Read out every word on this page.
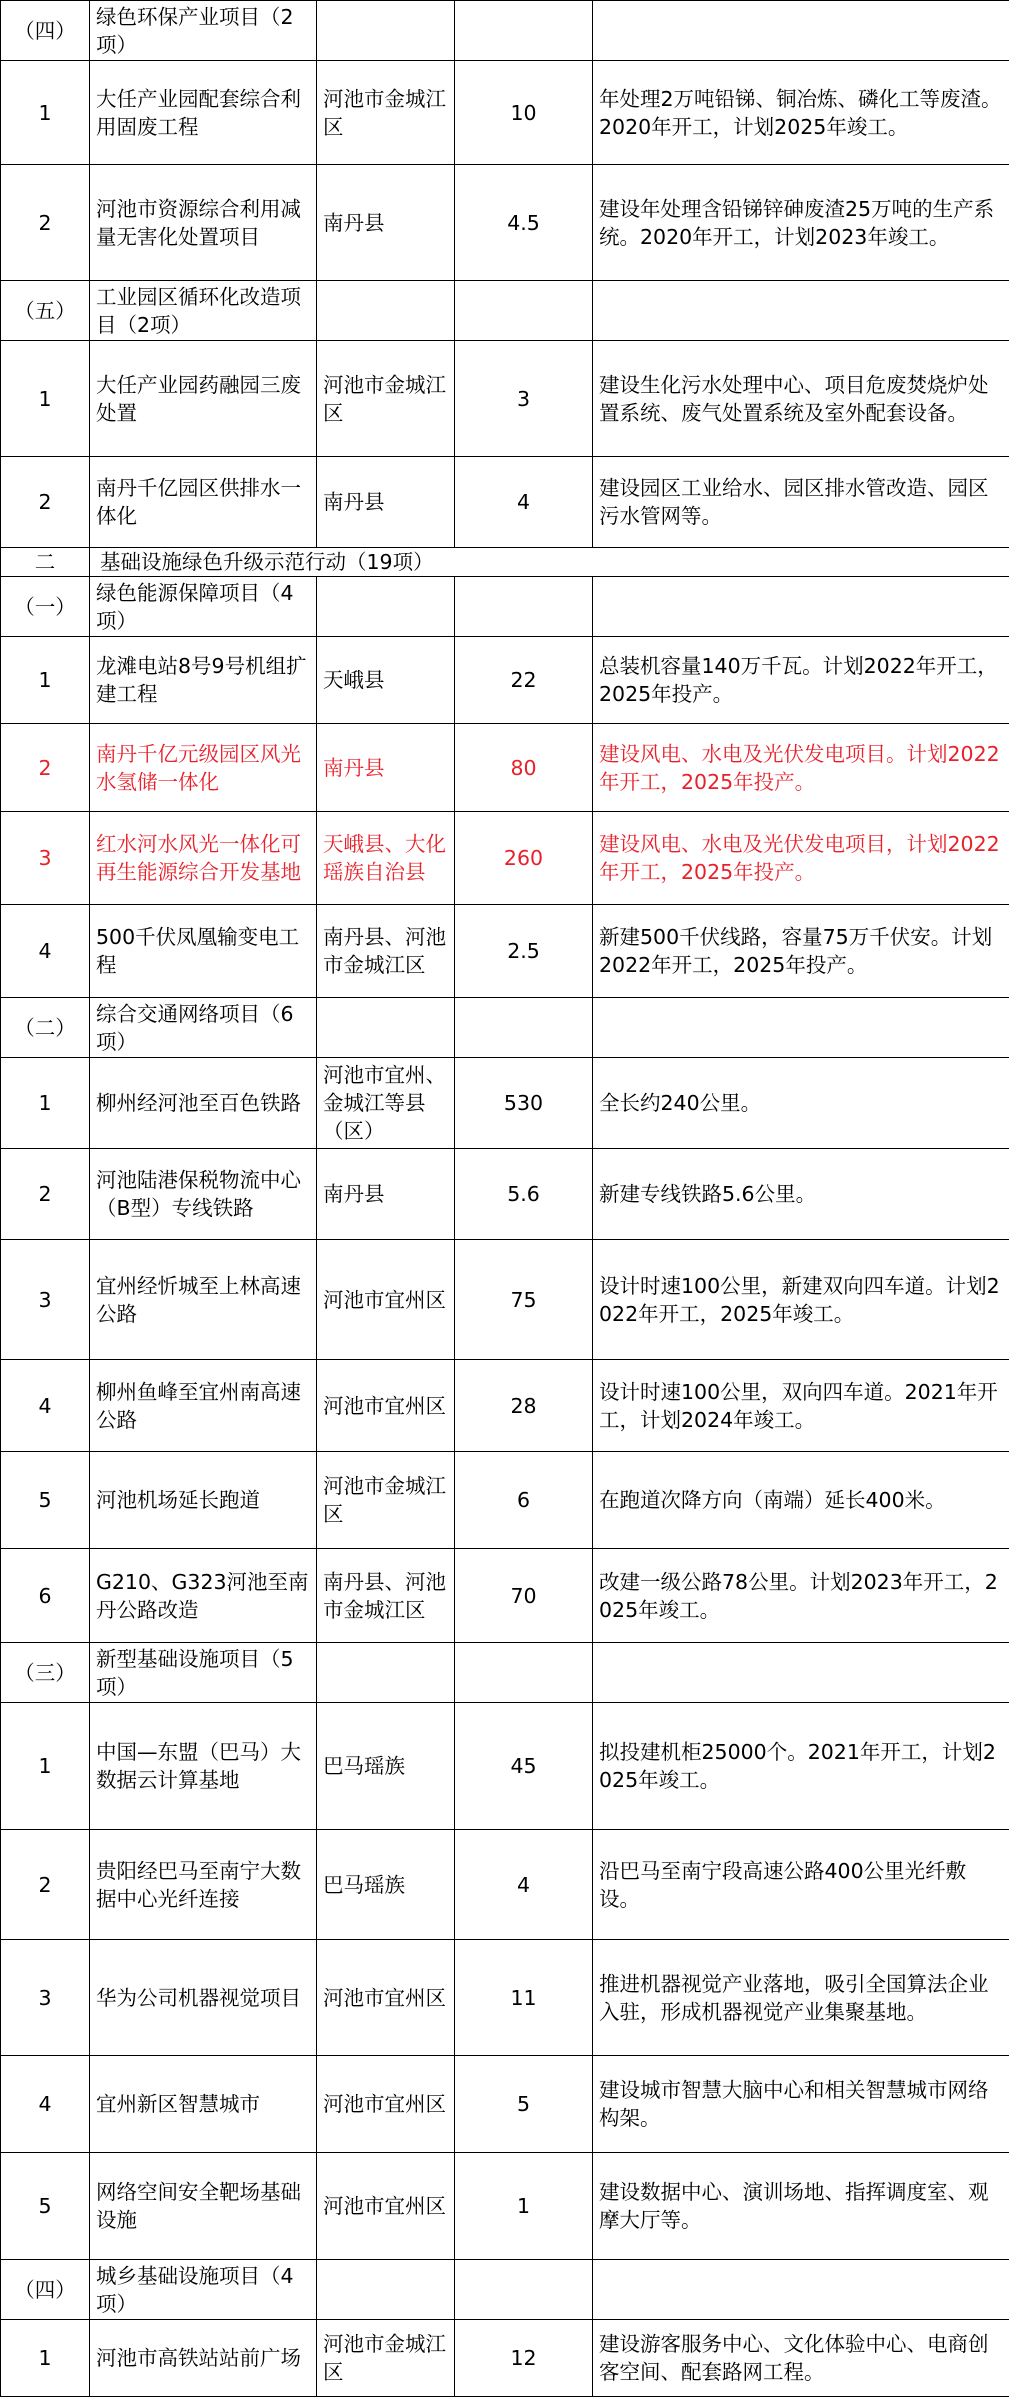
（四）	绿色环保产业项目（2项）			
1	大任产业园配套综合利用固废工程	河池市金城江区	10	年处理2万吨铅锑、铜冶炼、磷化工等废渣。2020年开工，计划2025年竣工。
2	河池市资源综合利用减量无害化处置项目	南丹县	4.5	建设年处理含铅锑锌砷废渣25万吨的生产系统。2020年开工，计划2023年竣工。
（五）	工业园区循环化改造项目（2项）			
1	大任产业园药融园三废处置	河池市金城江区	3	建设生化污水处理中心、项目危废焚烧炉处置系统、废气处置系统及室外配套设备。
2	南丹千亿园区供排水一体化	南丹县	4	建设园区工业给水、园区排水管改造、园区污水管网等。
二	基础设施绿色升级示范行动（19项）			
（一）	绿色能源保障项目（4项）			
1	龙滩电站8号9号机组扩建工程	天峨县	22	总装机容量140万千瓦。计划2022年开工，2025年投产。
2	南丹千亿元级园区风光水氢储一体化	南丹县	80	建设风电、水电及光伏发电项目。计划2022年开工，2025年投产。
3	红水河水风光一体化可再生能源综合开发基地	天峨县、大化瑶族自治县	260	建设风电、水电及光伏发电项目，计划2022年开工，2025年投产。
4	500千伏凤凰输变电工程	南丹县、河池市金城江区	2.5	新建500千伏线路，容量75万千伏安。计划2022年开工，2025年投产。
（二）	综合交通网络项目（6项）			
1	柳州经河池至百色铁路	河池市宜州、金城江等县（区）	530	全长约240公里。
2	河池陆港保税物流中心（B型）专线铁路	南丹县	5.6	新建专线铁路5.6公里。
3	宜州经忻城至上林高速公路	河池市宜州区	75	设计时速100公里，新建双向四车道。计划2022年开工，2025年竣工。
4	柳州鱼峰至宜州南高速公路	河池市宜州区	28	设计时速100公里，双向四车道。2021年开工，计划2024年竣工。
5	河池机场延长跑道	河池市金城江区	6	在跑道次降方向（南端）延长400米。
6	G210、G323河池至南丹公路改造	南丹县、河池市金城江区	70	改建一级公路78公里。计划2023年开工，2025年竣工。
（三）	新型基础设施项目（5项）			
1	中国—东盟（巴马）大数据云计算基地	巴马瑶族	45	拟投建机柜25000个。2021年开工，计划2025年竣工。
2	贵阳经巴马至南宁大数据中心光纤连接	巴马瑶族	4	沿巴马至南宁段高速公路400公里光纤敷设。
3	华为公司机器视觉项目	河池市宜州区	11	推进机器视觉产业落地，吸引全国算法企业入驻，形成机器视觉产业集聚基地。
4	宜州新区智慧城市	河池市宜州区	5	建设城市智慧大脑中心和相关智慧城市网络构架。
5	网络空间安全靶场基础设施	河池市宜州区	1	建设数据中心、演训场地、指挥调度室、观摩大厅等。
（四）	城乡基础设施项目（4项）			
1	河池市高铁站站前广场	河池市金城江区	12	建设游客服务中心、文化体验中心、电商创客空间、配套路网工程。
